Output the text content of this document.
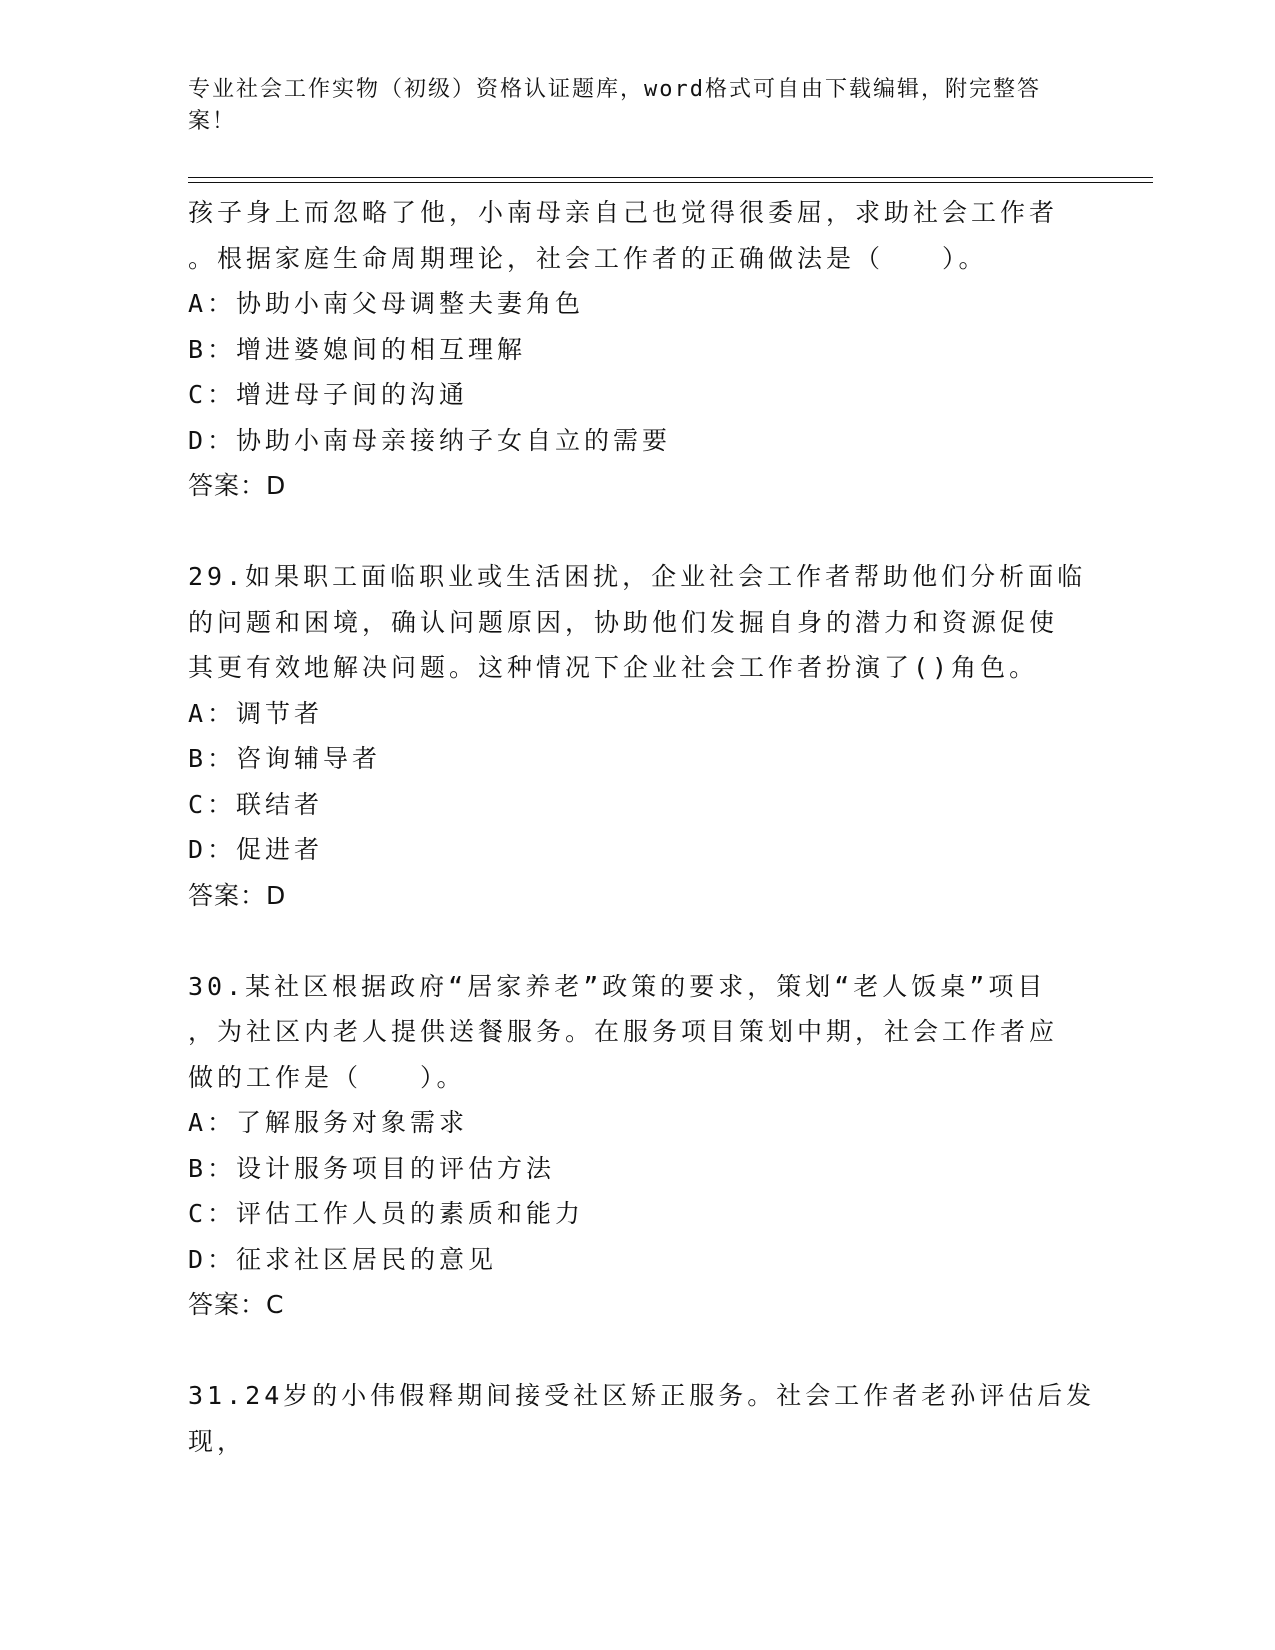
专业社会工作实物（初级）资格认证题库，word格式可自由下载编辑，附完整答
案！
孩子身上而忽略了他，小南母亲自己也觉得很委屈，求助社会工作者
。根据家庭生命周期理论，社会工作者的正确做法是（　　）。
A：协助小南父母调整夫妻角色
B：增进婆媳间的相互理解
C：增进母子间的沟通
D：协助小南母亲接纳子女自立的需要
答案：D
29.如果职工面临职业或生活困扰，企业社会工作者帮助他们分析面临
的问题和困境，确认问题原因，协助他们发掘自身的潜力和资源促使
其更有效地解决问题。这种情况下企业社会工作者扮演了()角色。
A：调节者
B：咨询辅导者
C：联结者
D：促进者
答案：D
30.某社区根据政府“居家养老”政策的要求，策划“老人饭桌”项目
，为社区内老人提供送餐服务。在服务项目策划中期，社会工作者应
做的工作是（　　）。
A：了解服务对象需求
B：设计服务项目的评估方法
C：评估工作人员的素质和能力
D：征求社区居民的意见
答案：C
31.24岁的小伟假释期间接受社区矫正服务。社会工作者老孙评估后发
现，
